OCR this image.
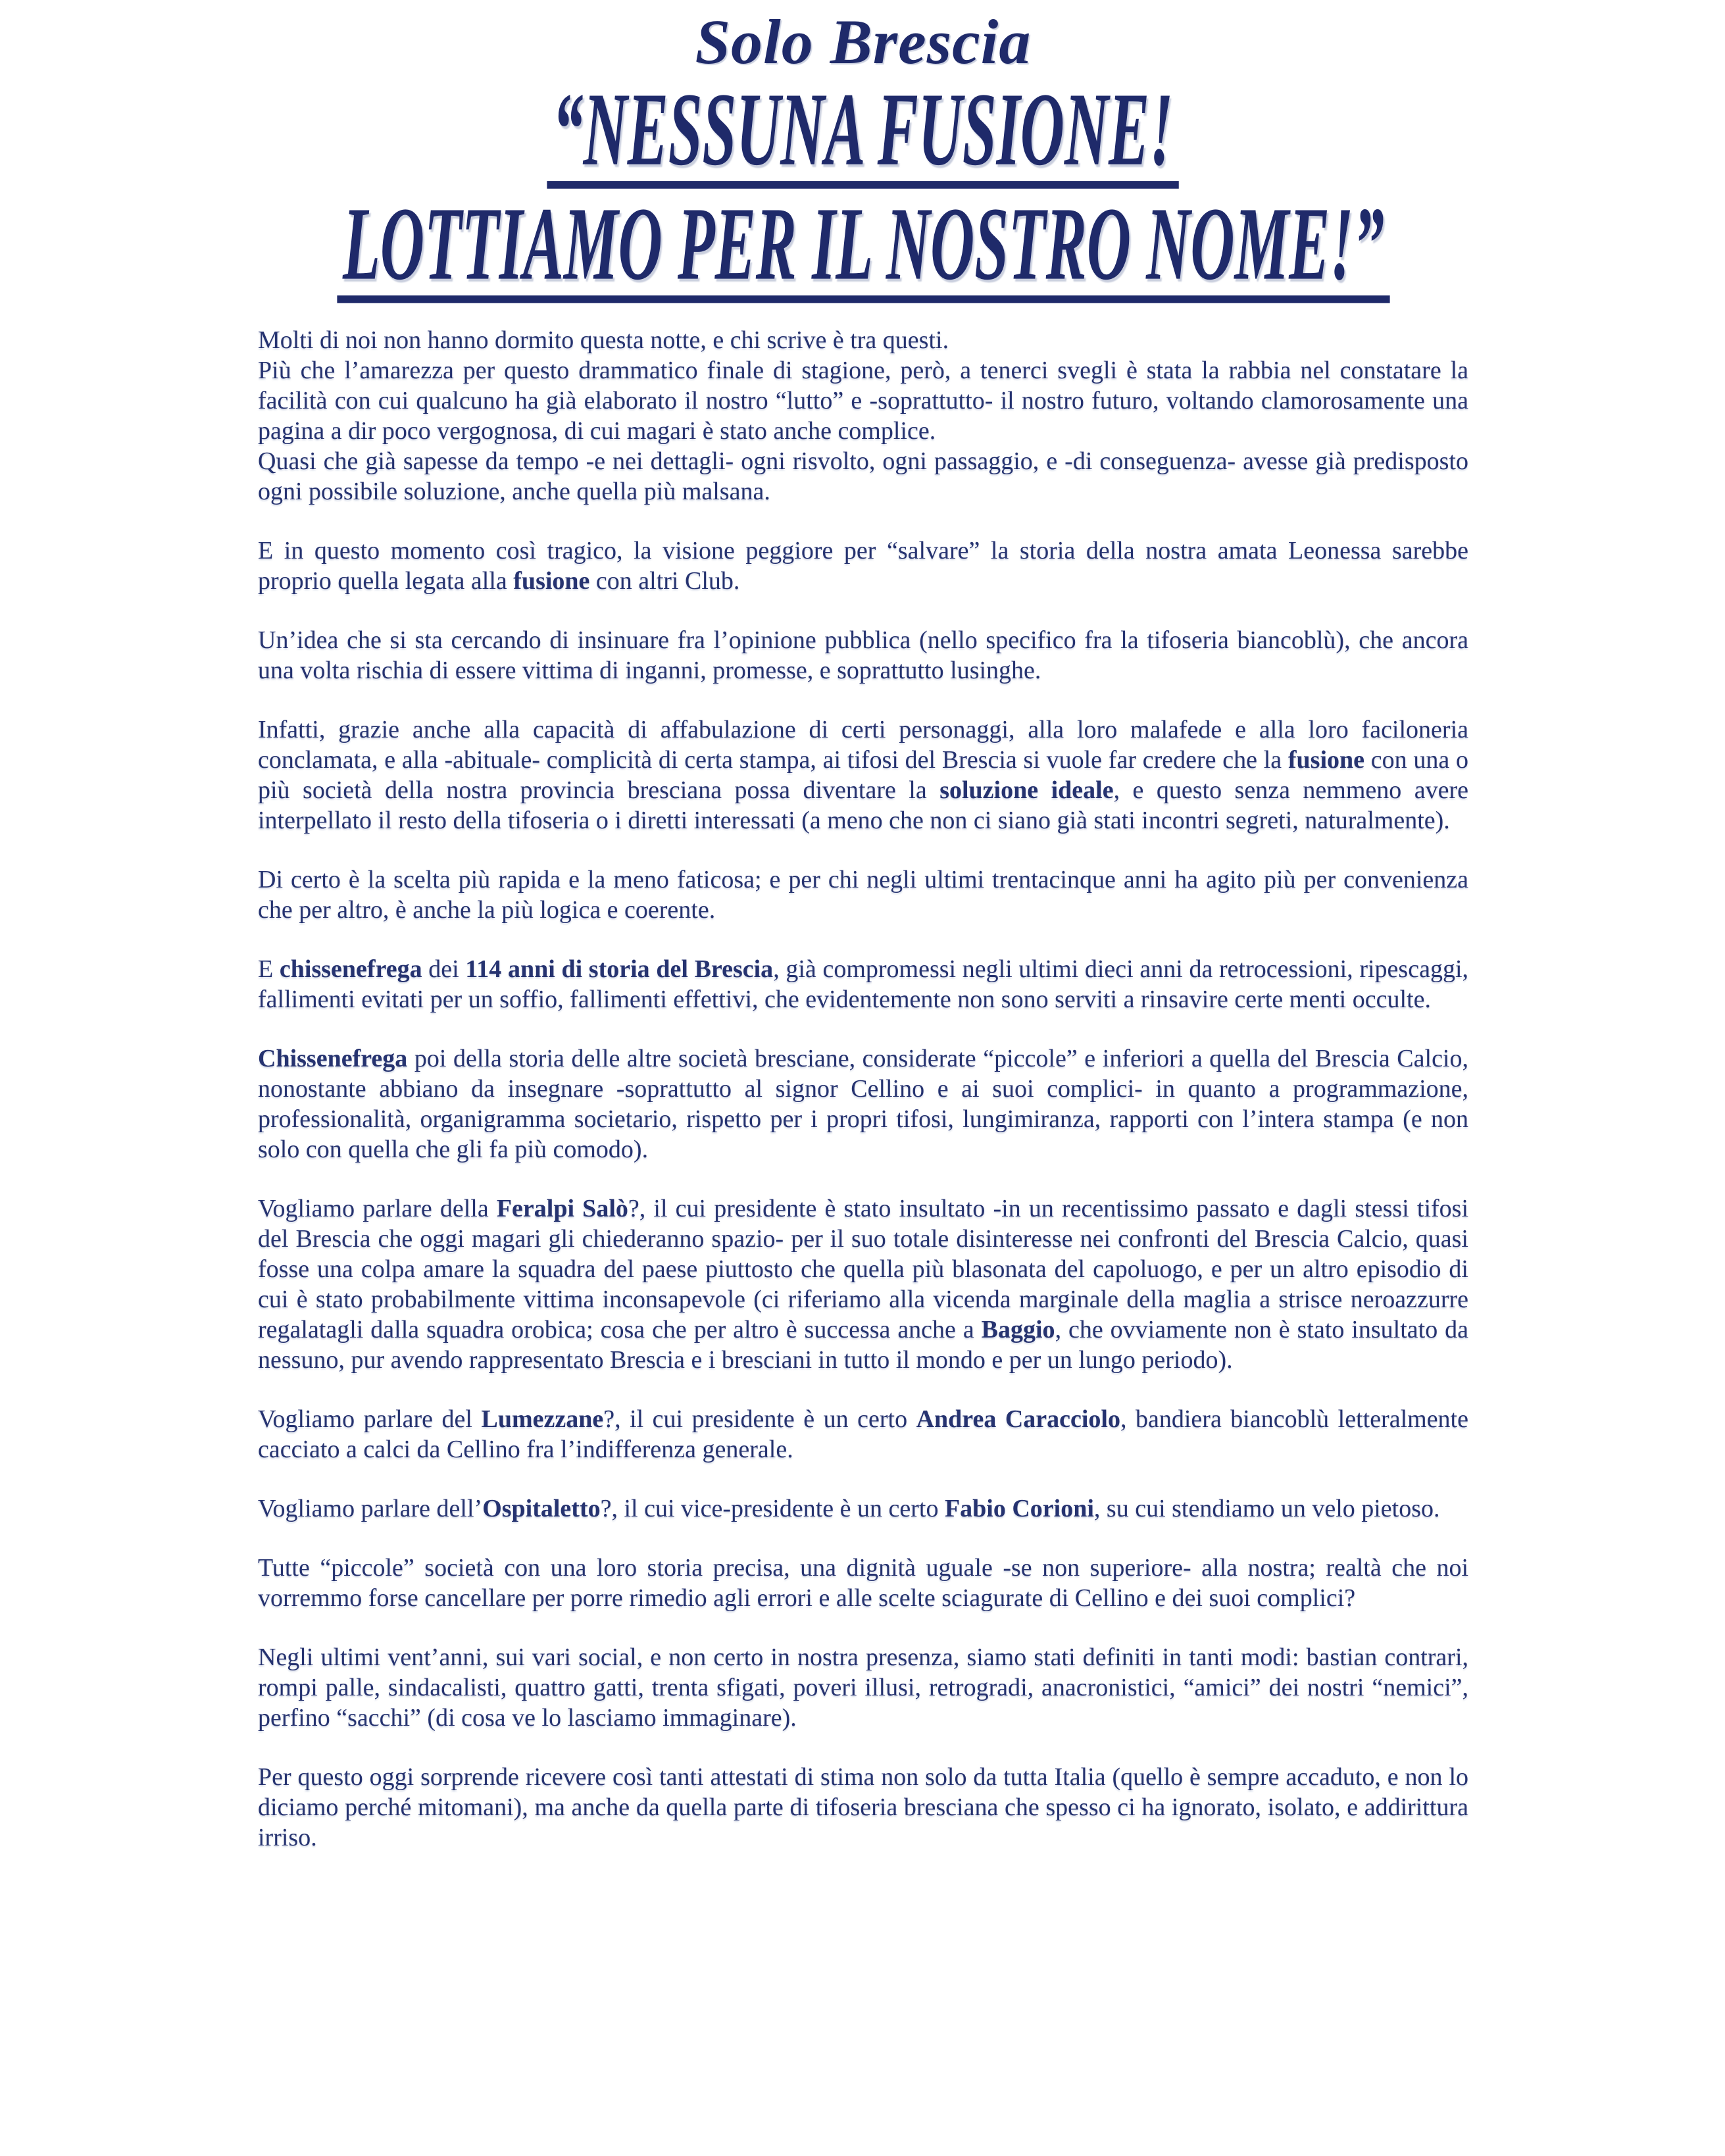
Solo Brescia
“NESSUNA FUSIONE!
LOTTIAMO PER IL NOSTRO NOME!”

Molti di noi non hanno dormito questa notte, e chi scrive è tra questi.

Più che l’amarezza per questo drammatico finale di stagione, però, a tenerci svegli è stata la rabbia nel constatare la facilità con cui qualcuno ha già elaborato il nostro “lutto” e -soprattutto- il nostro futuro, voltando clamorosamente una pagina a dir poco vergognosa, di cui magari è stato anche complice.

Quasi che già sapesse da tempo -e nei dettagli- ogni risvolto, ogni passaggio, e -di conseguenza- avesse già predisposto ogni possibile soluzione, anche quella più malsana.

E in questo momento così tragico, la visione peggiore per “salvare” la storia della nostra amata Leonessa sarebbe proprio quella legata alla fusione con altri Club.

Un’idea che si sta cercando di insinuare fra l’opinione pubblica (nello specifico fra la tifoseria biancoblù), che ancora una volta rischia di essere vittima di inganni, promesse, e soprattutto lusinghe.

Infatti, grazie anche alla capacità di affabulazione di certi personaggi, alla loro malafede e alla loro faciloneria conclamata, e alla -abituale- complicità di certa stampa, ai tifosi del Brescia si vuole far credere che la fusione con una o più società della nostra provincia bresciana possa diventare la soluzione ideale, e questo senza nemmeno avere interpellato il resto della tifoseria o i diretti interessati (a meno che non ci siano già stati incontri segreti, naturalmente).

Di certo è la scelta più rapida e la meno faticosa; e per chi negli ultimi trentacinque anni ha agito più per convenienza che per altro, è anche la più logica e coerente.

E chissenefrega dei 114 anni di storia del Brescia, già compromessi negli ultimi dieci anni da retrocessioni, ripescaggi, fallimenti evitati per un soffio, fallimenti effettivi, che evidentemente non sono serviti a rinsavire certe menti occulte.

Chissenefrega poi della storia delle altre società bresciane, considerate “piccole” e inferiori a quella del Brescia Calcio, nonostante abbiano da insegnare -soprattutto al signor Cellino e ai suoi complici- in quanto a programmazione, professionalità, organigramma societario, rispetto per i propri tifosi, lungimiranza, rapporti con l’intera stampa (e non solo con quella che gli fa più comodo).

Vogliamo parlare della Feralpi Salò?, il cui presidente è stato insultato -in un recentissimo passato e dagli stessi tifosi del Brescia che oggi magari gli chiederanno spazio- per il suo totale disinteresse nei confronti del Brescia Calcio, quasi fosse una colpa amare la squadra del paese piuttosto che quella più blasonata del capoluogo, e per un altro episodio di cui è stato probabilmente vittima inconsapevole (ci riferiamo alla vicenda marginale della maglia a strisce neroazzurre regalatagli dalla squadra orobica; cosa che per altro è successa anche a Baggio, che ovviamente non è stato insultato da nessuno, pur avendo rappresentato Brescia e i bresciani in tutto il mondo e per un lungo periodo).

Vogliamo parlare del Lumezzane?, il cui presidente è un certo Andrea Caracciolo, bandiera biancoblù letteralmente cacciato a calci da Cellino fra l’indifferenza generale.

Vogliamo parlare dell’Ospitaletto?, il cui vice-presidente è un certo Fabio Corioni, su cui stendiamo un velo pietoso.

Tutte “piccole” società con una loro storia precisa, una dignità uguale -se non superiore- alla nostra; realtà che noi vorremmo forse cancellare per porre rimedio agli errori e alle scelte sciagurate di Cellino e dei suoi complici?

Negli ultimi vent’anni, sui vari social, e non certo in nostra presenza, siamo stati definiti in tanti modi: bastian contrari, rompi palle, sindacalisti, quattro gatti, trenta sfigati, poveri illusi, retrogradi, anacronistici, “amici” dei nostri “nemici”, perfino “sacchi” (di cosa ve lo lasciamo immaginare).

Per questo oggi sorprende ricevere così tanti attestati di stima non solo da tutta Italia (quello è sempre accaduto, e non lo diciamo perché mitomani), ma anche da quella parte di tifoseria bresciana che spesso ci ha ignorato, isolato, e addirittura irriso.
